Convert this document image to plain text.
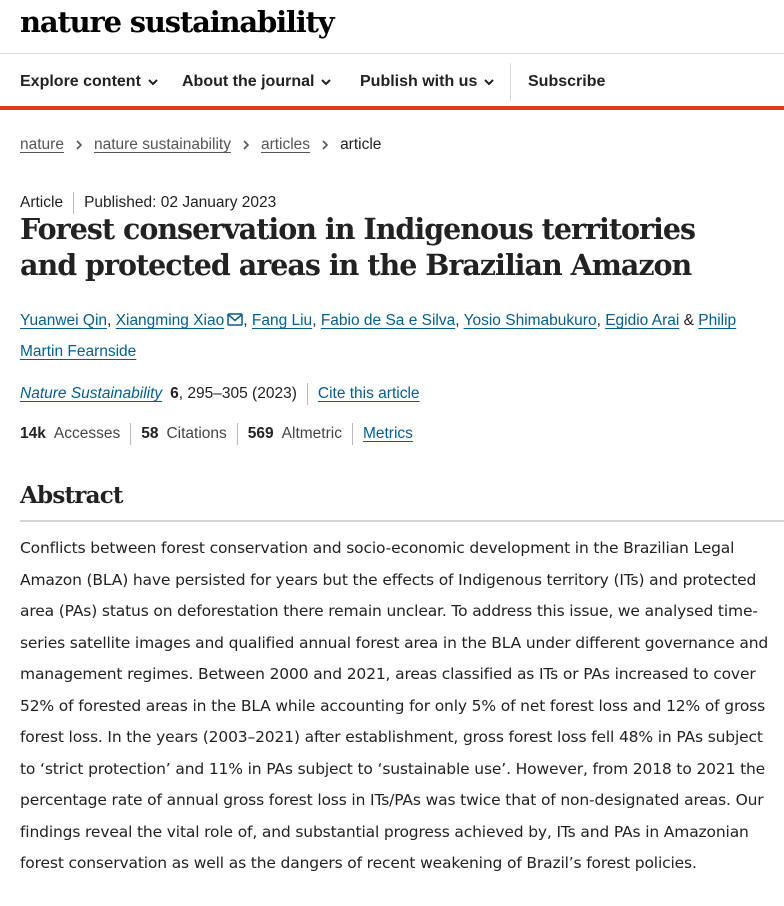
nature sustainability
Explore content	About the journal	Publish with us	Subscribe
nature nature sustainability articles article
Article Published: 02 January 2023
Forest conservation in Indigenous territories and protected areas in the Brazilian Amazon
Yuanwei Qin, Xiangming Xiao , Fang Liu, Fabio de Sa e Silva, Yosio Shimabukuro, Egidio Arai & Philip Martin Fearnside
Nature Sustainability 6 , 295–305 (2023) Cite this article
14k Accesses 58 Citations 569 Altmetric Metrics
Abstract

Conflicts between forest conservation and socio-economic development in the Brazilian Legal Amazon (BLA) have persisted for years but the effects of Indigenous territory (ITs) and protected area (PAs) status on deforestation there remain unclear. To address this issue, we analysed time-series satellite images and qualified annual forest area in the BLA under different governance and management regimes. Between 2000 and 2021, areas classified as ITs or PAs increased to cover 52% of forested areas in the BLA while accounting for only 5% of net forest loss and 12% of gross forest loss. In the years (2003–2021) after establishment, gross forest loss fell 48% in PAs subject to ‘strict protection’ and 11% in PAs subject to ‘sustainable use’. However, from 2018 to 2021 the percentage rate of annual gross forest loss in ITs/PAs was twice that of non-designated areas. Our findings reveal the vital role of, and substantial progress achieved by, ITs and PAs in Amazonian forest conservation as well as the dangers of recent weakening of Brazil’s forest policies.
